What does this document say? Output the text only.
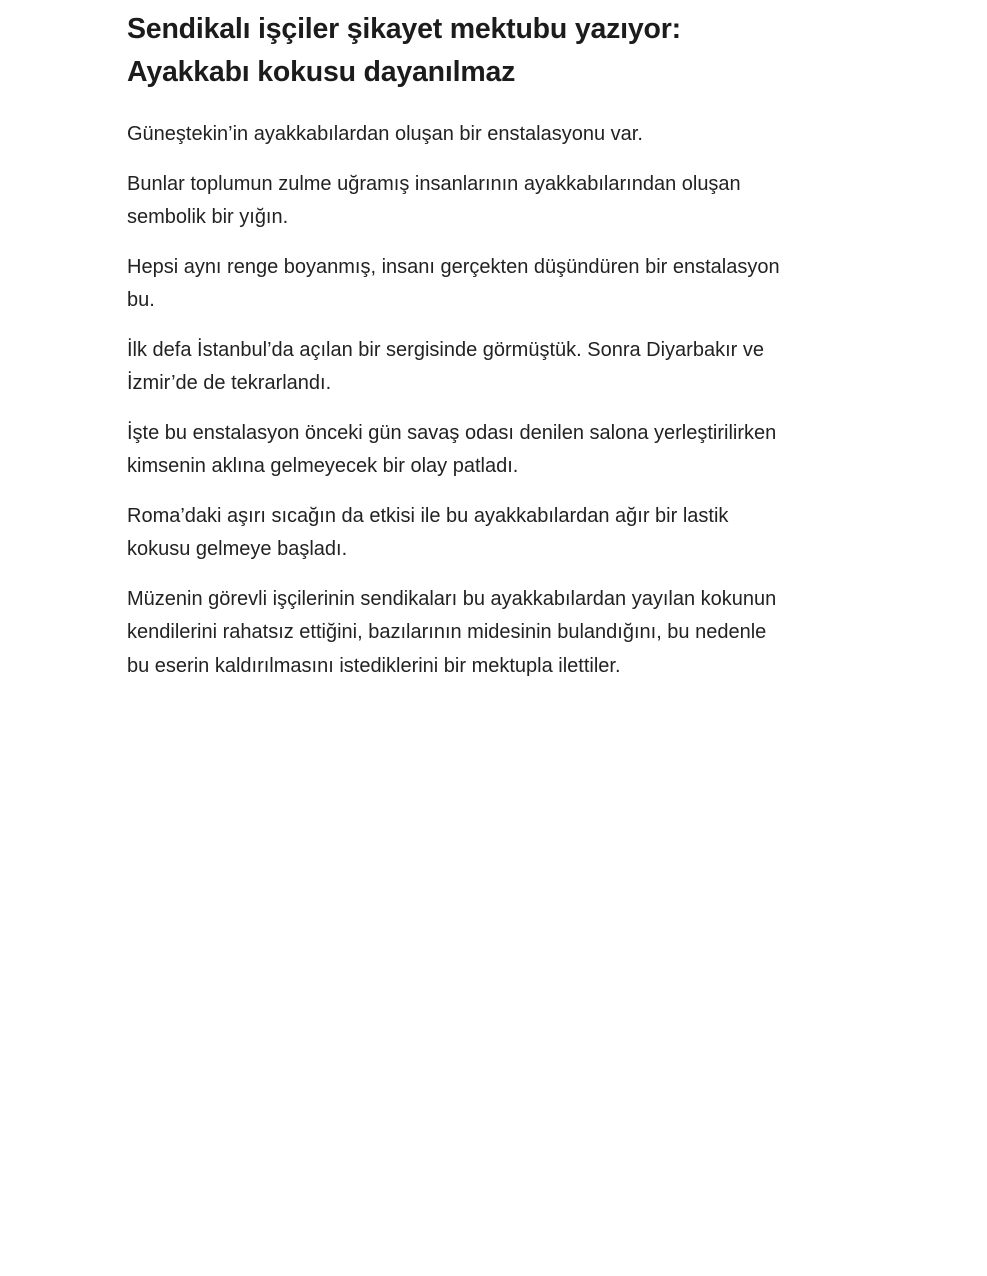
Sendikalı işçiler şikayet mektubu yazıyor: Ayakkabı kokusu dayanılmaz

Güneştekin’in ayakkabılardan oluşan bir enstalasyonu var.

Bunlar toplumun zulme uğramış insanlarının ayakkabılarından oluşan sembolik bir yığın.

Hepsi aynı renge boyanmış, insanı gerçekten düşündüren bir enstalasyon bu.

İlk defa İstanbul’da açılan bir sergisinde görmüştük. Sonra Diyarbakır ve İzmir’de de tekrarlandı.

İşte bu enstalasyon önceki gün savaş odası denilen salona yerleştirilirken kimsenin aklına gelmeyecek bir olay patladı.

Roma’daki aşırı sıcağın da etkisi ile bu ayakkabılardan ağır bir lastik kokusu gelmeye başladı.

Müzenin görevli işçilerinin sendikaları bu ayakkabılardan yayılan kokunun kendilerini rahatsız ettiğini, bazılarının midesinin bulandığını, bu nedenle bu eserin kaldırılmasını istediklerini bir mektupla ilettiler.
